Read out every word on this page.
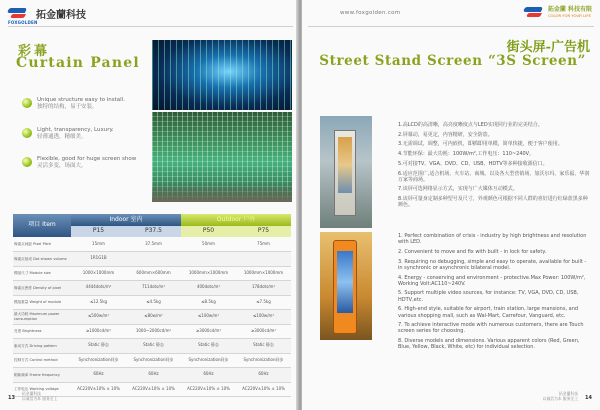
FOXGOLDEN
拓金蘭科技
彩幕
Curtain Panel
Unique structure easy to install.
独特的结构，易于安装。
Light, transparency, Luxury.
轻薄通透，精细美。
Flexible, good for huge screen show
灵活多变，场面大。
项目 Item	Indoor 室内		Outdoor 户外	
	P15	P37.5	P50	P75
像素点间距 Pixel Pitch	15mm	37.5mm	50mm	75mm
像素点组成 Dot shown volume	1R1G1B			
模组尺寸 Module size	1000×1000mm	600mm×600mm	1000mm×1000mm	1000mm×1000mm
像素点密度 Density of pixel	4444dots/m²	711dots/m²	400dots/m²	178dots/m²
模组重量 Weight of module	≤12.5kg	≤4.5kg	≤8.5kg	≤7.5kg
最大功耗 Maximum power consumption	≤500w/m²	≤80w/m²	≤100w/m²	≤100w/m²
亮度 Brightness	≥1000cd/m²	1000~2000cd/m²	≥3000cd/m²	≥3000cd/m²
驱动方式 Driving pattern	Static 静态	Static 静态	Static 静态	Static 静态
控制方式 Control method	Synchronization同步	Synchronization同步	Synchronization同步	Synchronization同步
刷新频率 Frame frequency	60Hz	60Hz	60Hz	60Hz
工作电压 Working voltage	AC220V±10% ± 10%	AC220V±10% ± 10%	AC220V±10% ± 10%	AC220V±10% ± 10%
13
拓金蘭科技
以诚信为本 服务至上
www.foxgolden.com
拓金蘭 科技有限
COLOR FOR YOUR LIFE
街头屏-广告机
Street Stand Screen “3S Screen”
1.高LCD的高清晰，高亮度晰度点与LED实现同行业的完美结合。
2.屏幕动，易更定，内容精研，安全防盗。
3.无需调试，调整，可内嵌机，即插即用单模，简单快捷，便于客户使用。
4.节能环保：最大功耗：100W/m²,工作电压：110~240V。
5.可对接TV、VGA、DVD、CD、USB、HDTV等多种接收源信口。
6.适应范围广,适合机场、火车站、商城、以及各大型营销场、加沃尔玛、家乐福、华润万家等商场。
7.该屏可选网络显示方式，实现与广大媒体互动模式。
8.该屏可量身定制多种型号及尺寸，外观颜色可根据不同人群的喜好进行红绿蓝黑多种颜色。
1. Perfect combination of crisis - industry by high brightness and resolution with LED.
2. Convenient to move and fix with built - in lock for safety.
3. Requiring no debugging, simple and easy to operate, available for built - in synchronic or asynchronic bilateral model.
4. Energy - conserving and environment - protective.Max Power: 100W/m², Working Volt:AC110~240V.
5. Support multiple video sources, for instance: TV, VGA, DVD, CD, USB, HDTV,etc.
6. High-end style, suitable for airport, train station, large mansions, and various shopping mall, such as Wal-Mart, Carrefour, Vanguard, etc.
7. To achieve interactive mode with numerous customers, there are Touch screen series for choosing.
8. Diverse models and dimensions. Various apparent colors (Red, Green, Blue, Yellow, Black, White, etc) for individual selection.
拓金蘭科技
以诚信为本 服务至上 14
